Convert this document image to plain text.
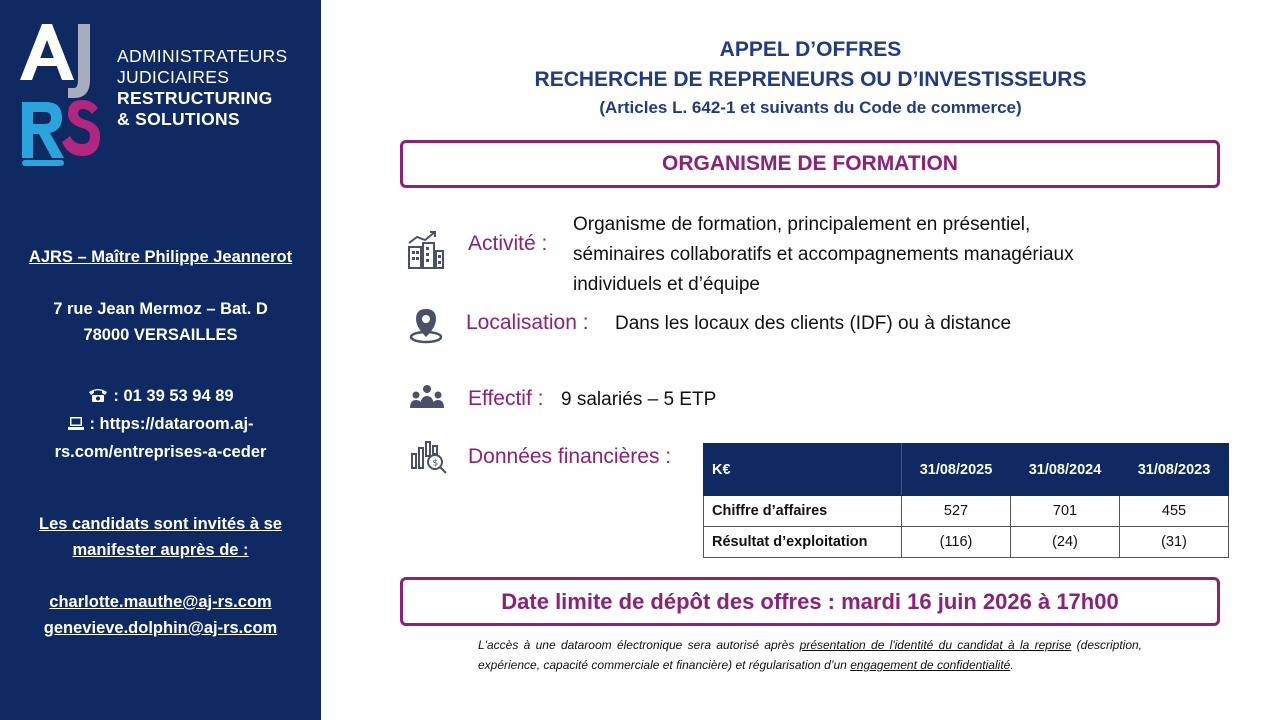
ADMINISTRATEURS
JUDICIAIRES
RESTRUCTURING
& SOLUTIONS
AJRS – Maître Philippe Jeannerot
7 rue Jean Mermoz – Bat. D
78000 VERSAILLES
: 01 39 53 94 89
: https://dataroom.aj-
rs.com/entreprises-a-ceder
Les candidats sont invités à se
manifester auprès de :
charlotte.mauthe@aj-rs.com
genevieve.dolphin@aj-rs.com
APPEL D’OFFRES
RECHERCHE DE REPRENEURS OU D’INVESTISSEURS
(Articles L. 642-1 et suivants du Code de commerce)
ORGANISME DE FORMATION
Activité :
Organisme de formation, principalement en présentiel,
séminaires collaboratifs et accompagnements managériaux
individuels et d’équipe
Localisation : Dans les locaux des clients (IDF) ou à distance
Effectif : 9 salariés – 5 ETP
$ Données financières :
K€	31/08/2025	31/08/2024	31/08/2023
Chiffre d’affaires	527	701	455
Résultat d’exploitation	(116)	(24)	(31)
Date limite de dépôt des offres : mardi 16 juin 2026 à 17h00
L'accès à une dataroom électronique sera autorisé après présentation de l'identité du candidat à la reprise (description, expérience, capacité commerciale et financière) et régularisation d’un engagement de confidentialité.
